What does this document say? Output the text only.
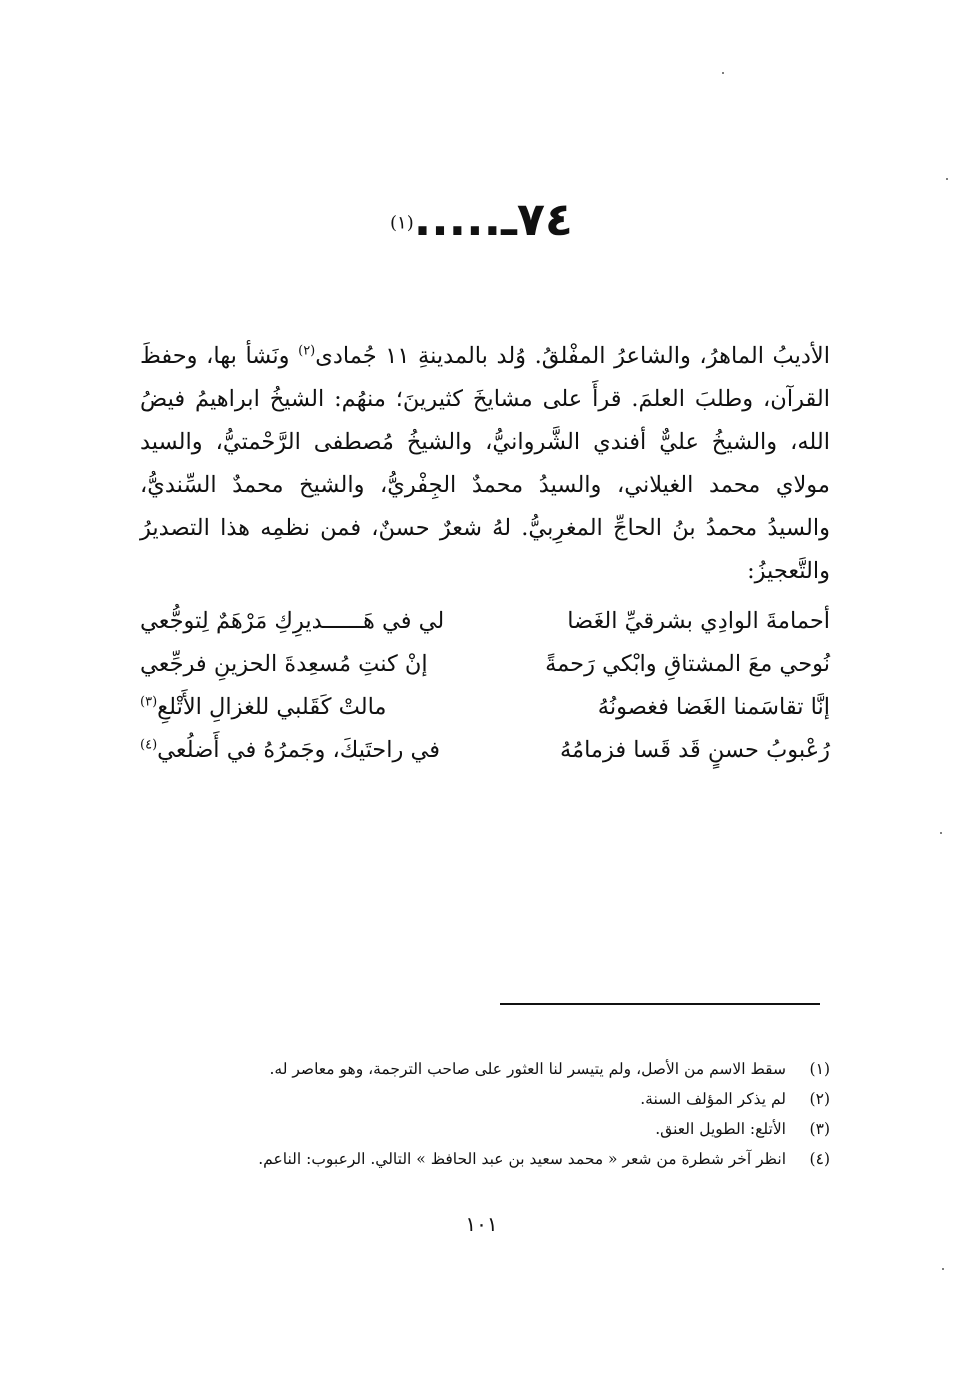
٧٤ـ.....(١)
الأديبُ الماهرُ، والشاعرُ المفْلقُ. وُلد بالمدينةِ ١١ جُمادى$^{(٢)}$ ونَشأ بها، وحفظَ القرآن، وطلبَ العلمَ. قرأَ على مشايخَ كثيرينَ؛ منهُم: الشيخُ ابراهيمُ فيضُ الله، والشيخُ عليٌّ أفندي الشَّروانيُّ، والشيخُ مُصطفى الرَّحْمتيُّ، والسيد مولاي محمد الغيلاني، والسيدُ محمدٌ الجِفْريُّ، والشيخ محمدٌ السِّنديُّ، والسيدُ محمدُ بنُ الحاجِّ المغرِبيُّ. لهُ شعرٌ حسنٌ، فمن نظمِه هذا التصديرُ والتَّعجيزُ:
أحمامةَ الوادِي بشرقيِّ الغَضا
لي في هَــــــديرِكِ مَرْهَمٌ لِتوجُّعي
نُوحي معَ المشتاقِ وابْكي رَحمةً
إنْ كنتِ مُسعِدةَ الحزينِ فرجِّعي
إنَّا تقاسَمنا الغَضا فغصونُهُ
مالتْ كَقَلبي للغزالِ الأَتْلعِ$^{(٣)}$
رُعْبوبُ حسنٍ قَد قَسا فزمامُهُ
في راحتَيكَ، وجَمرُهُ في أَضلُعي$^{(٤)}$
(١)
سقط الاسم من الأصل، ولم يتيسر لنا العثور على صاحب الترجمة، وهو معاصر له.
(٢)
لم يذكر المؤلف السنة.
(٣)
الأتلع: الطويل العنق.
(٤)
انظر آخر شطرة من شعر « محمد سعيد بن عبد الحافظ » التالي. الرعبوب: الناعم.
١٠١
